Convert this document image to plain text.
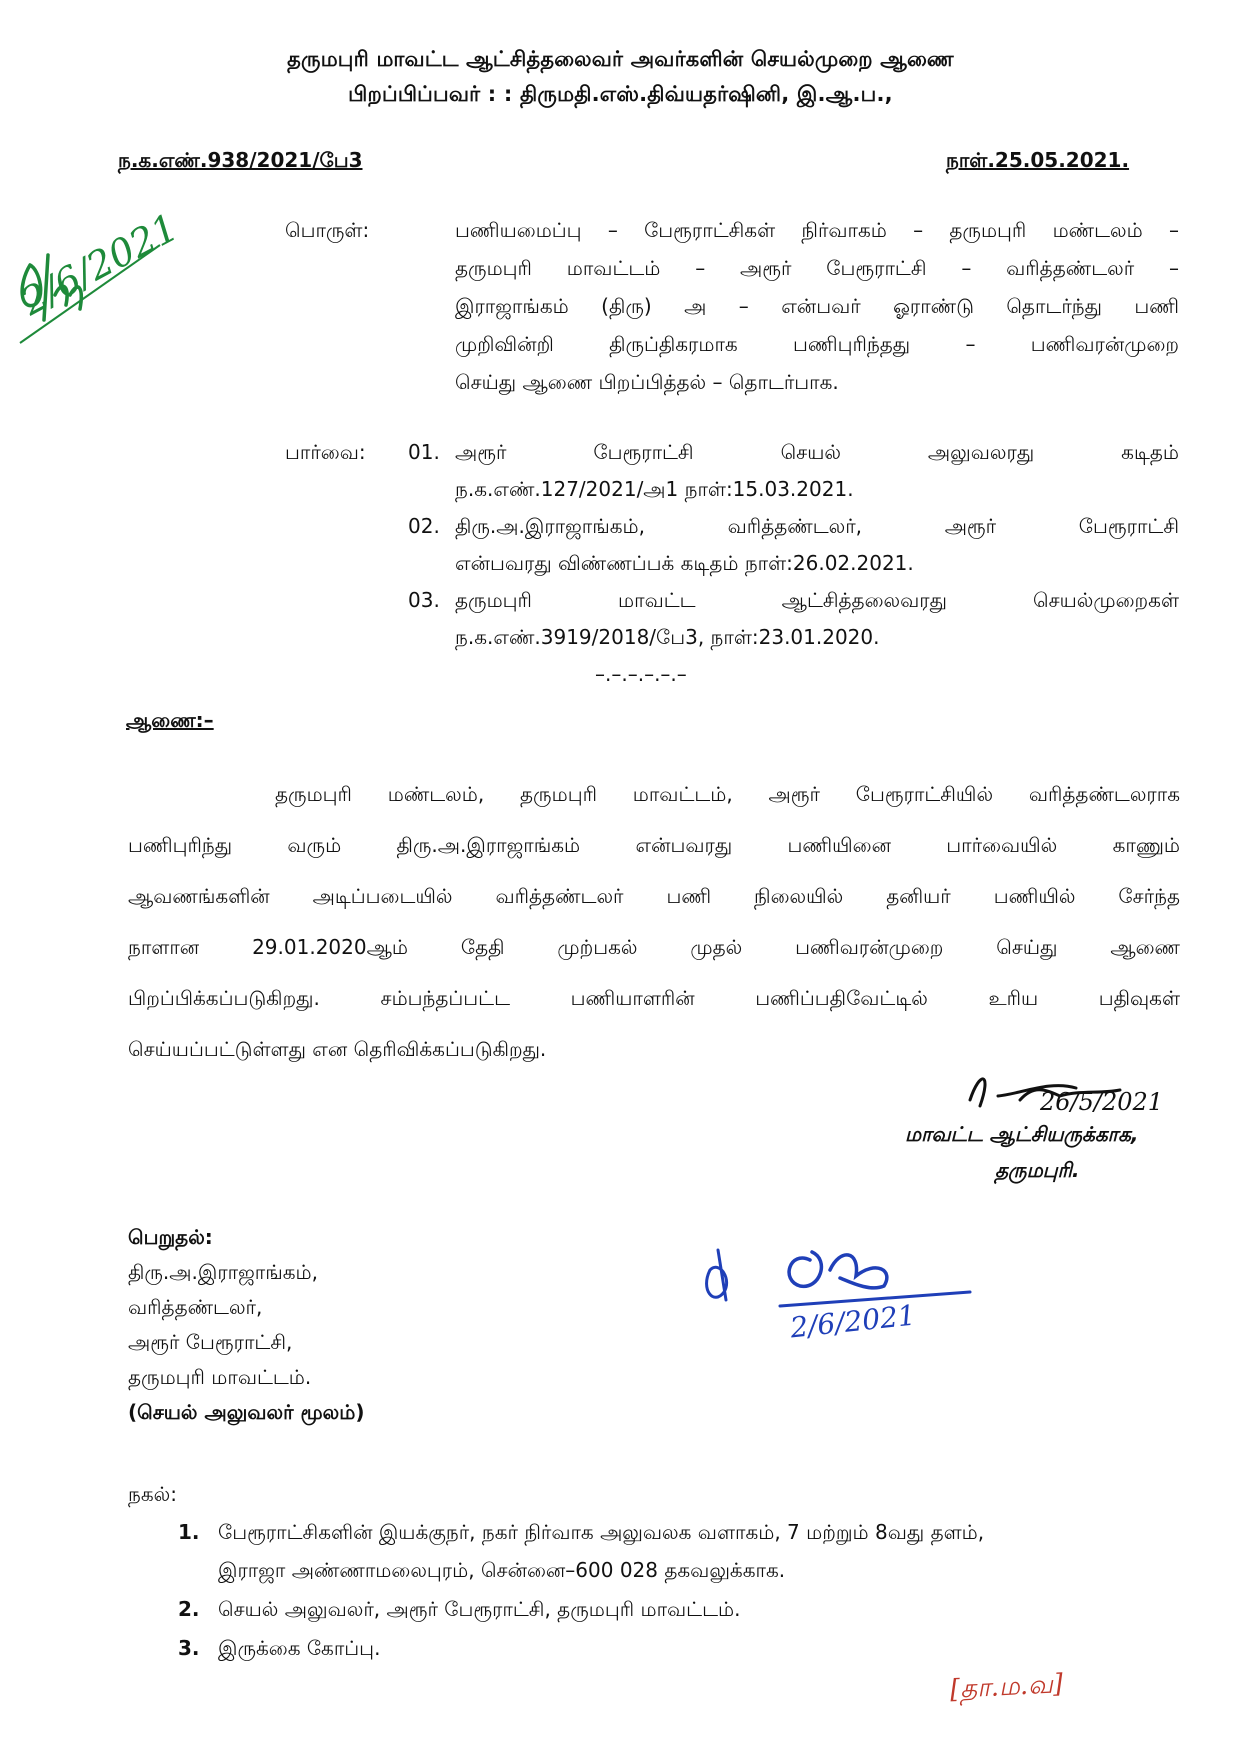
தருமபுரி மாவட்ட ஆட்சித்தலைவர் அவர்களின் செயல்முறை ஆணை
பிறப்பிப்பவர் : : திருமதி.எஸ்.திவ்யதர்ஷினி, இ.ஆ.ப.,
ந.க.எண்.938/2021/பே3	நாள்.25.05.2021.
2/6/2021	பொருள்:	பணியமைப்பு – பேரூராட்சிகள் நிர்வாகம் – தருமபுரி மண்டலம் –
தருமபுரி மாவட்டம் – அரூர் பேரூராட்சி – வரித்தண்டலர் –
இராஜாங்கம் (திரு) அ – என்பவர் ஓராண்டு தொடர்ந்து பணி
முறிவின்றி திருப்திகரமாக பணிபுரிந்தது – பணிவரன்முறை
செய்து ஆணை பிறப்பித்தல் – தொடர்பாக.
பார்வை: 01. அரூர் பேரூராட்சி செயல் அலுவலரது கடிதம்
ந.க.எண்.127/2021/அ1 நாள்:15.03.2021.
02. திரு.அ.இராஜாங்கம், வரித்தண்டலர், அரூர் பேரூராட்சி
என்பவரது விண்ணப்பக் கடிதம் நாள்:26.02.2021.
03. தருமபுரி மாவட்ட ஆட்சித்தலைவரது செயல்முறைகள்
ந.க.எண்.3919/2018/பே3, நாள்:23.01.2020.
–.–.–.–.–.–
ஆணை:–
தருமபுரி மண்டலம், தருமபுரி மாவட்டம், அரூர் பேரூராட்சியில் வரித்தண்டலராக
பணிபுரிந்து வரும் திரு.அ.இராஜாங்கம் என்பவரது பணியினை பார்வையில் காணும்
ஆவணங்களின் அடிப்படையில் வரித்தண்டலர் பணி நிலையில் தனியர் பணியில் சேர்ந்த
நாளான 29.01.2020ஆம் தேதி முற்பகல் முதல் பணிவரன்முறை செய்து ஆணை
பிறப்பிக்கப்படுகிறது. சம்பந்தப்பட்ட பணியாளரின் பணிப்பதிவேட்டில் உரிய பதிவுகள்
செய்யப்பட்டுள்ளது என தெரிவிக்கப்படுகிறது.
26/5/2021
மாவட்ட ஆட்சியருக்காக,
தருமபுரி.
பெறுதல்:
திரு.அ.இராஜாங்கம்,
வரித்தண்டலர்,
அரூர் பேரூராட்சி,
தருமபுரி மாவட்டம்.
(செயல் அலுவலர் மூலம்)
2/6/2021
நகல்:
1. பேரூராட்சிகளின் இயக்குநர், நகர் நிர்வாக அலுவலக வளாகம், 7 மற்றும் 8வது தளம்,
இராஜா அண்ணாமலைபுரம், சென்னை–600 028 தகவலுக்காக.
2. செயல் அலுவலர், அரூர் பேரூராட்சி, தருமபுரி மாவட்டம்.
3. இருக்கை கோப்பு.
[தா.ம.வ]
